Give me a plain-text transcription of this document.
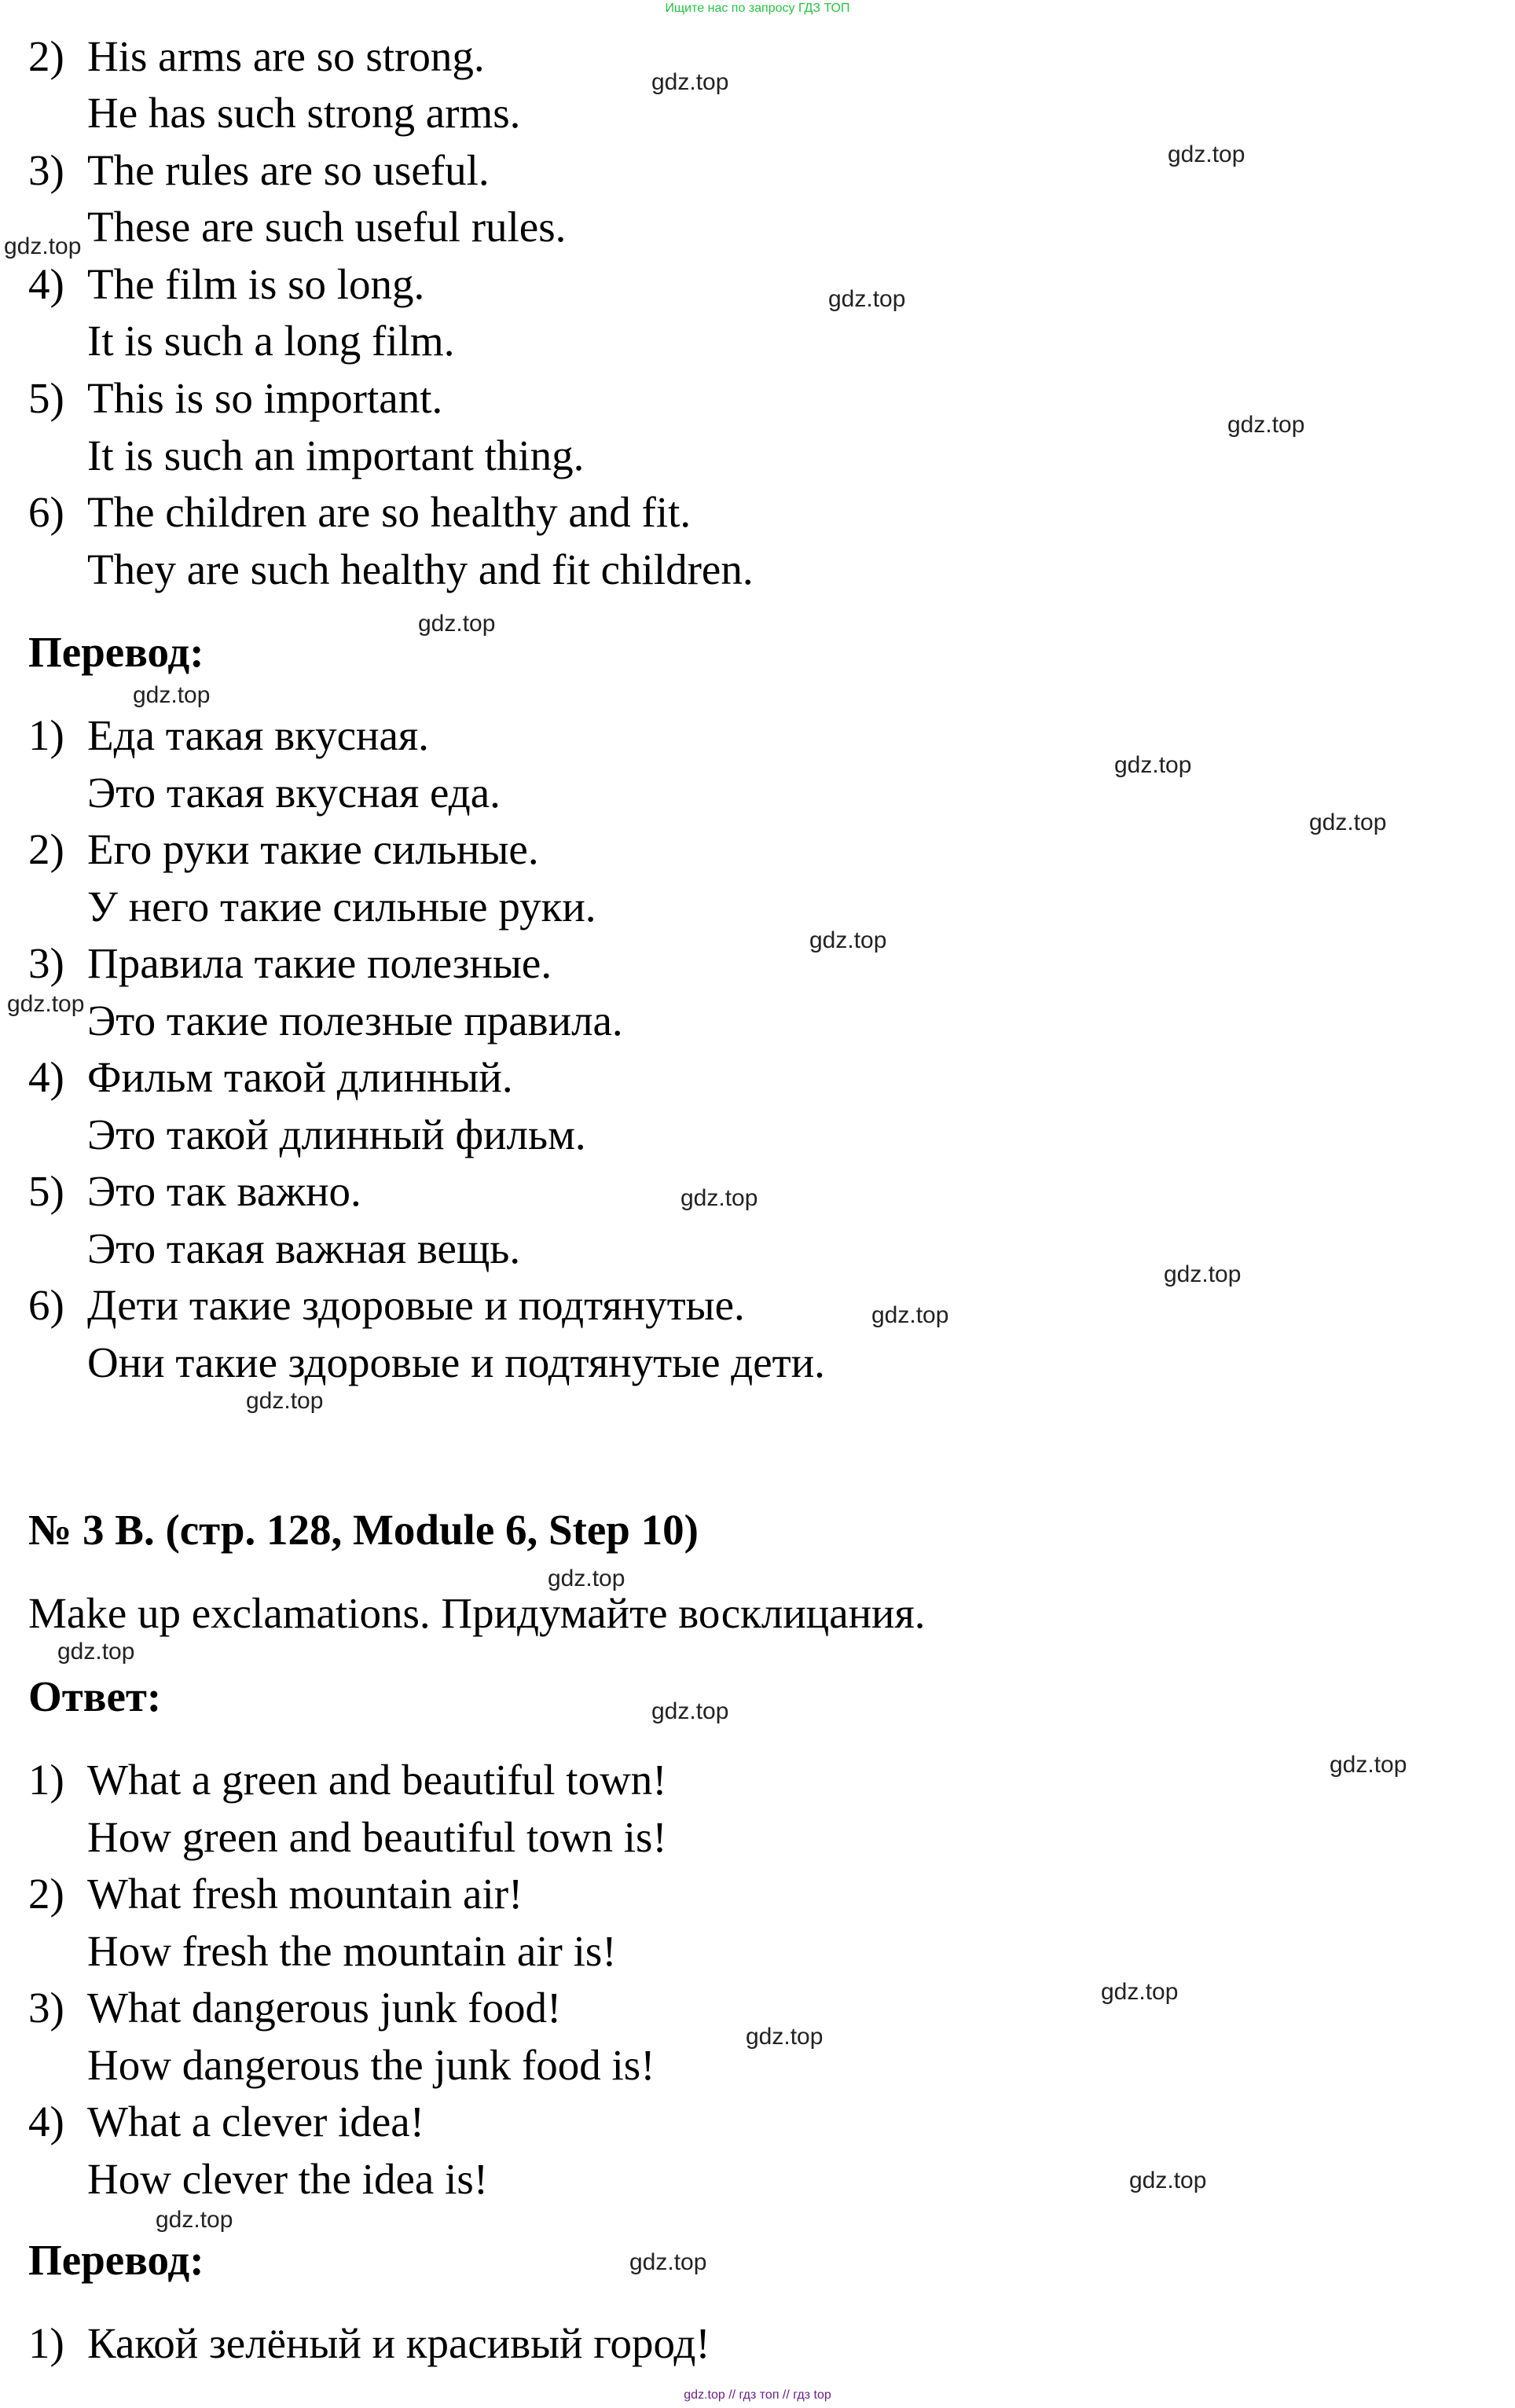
Ищите нас по запросу ГДЗ ТОП
2) His arms are so strong.
He has such strong arms.
3) The rules are so useful.
These are such useful rules.
4) The film is so long.
It is such a long film.
5) This is so important.
It is such an important thing.
6) The children are so healthy and fit.
They are such healthy and fit children.
Перевод:
1) Еда такая вкусная.
Это такая вкусная еда.
2) Его руки такие сильные.
У него такие сильные руки.
3) Правила такие полезные.
Это такие полезные правила.
4) Фильм такой длинный.
Это такой длинный фильм.
5) Это так важно.
Это такая важная вещь.
6) Дети такие здоровые и подтянутые.
Они такие здоровые и подтянутые дети.
№ 3 B. (стр. 128, Module 6, Step 10)
Make up exclamations. Придумайте восклицания.
Ответ:
1) What a green and beautiful town!
How green and beautiful town is!
2) What fresh mountain air!
How fresh the mountain air is!
3) What dangerous junk food!
How dangerous the junk food is!
4) What a clever idea!
How clever the idea is!
Перевод:
1) Какой зелёный и красивый город!
gdz.top
gdz.top
gdz.top
gdz.top
gdz.top
gdz.top
gdz.top
gdz.top
gdz.top
gdz.top
gdz.top
gdz.top
gdz.top
gdz.top
gdz.top
gdz.top
gdz.top
gdz.top
gdz.top
gdz.top
gdz.top
gdz.top
gdz.top
gdz.top
gdz.top // гдз топ // гдз top
